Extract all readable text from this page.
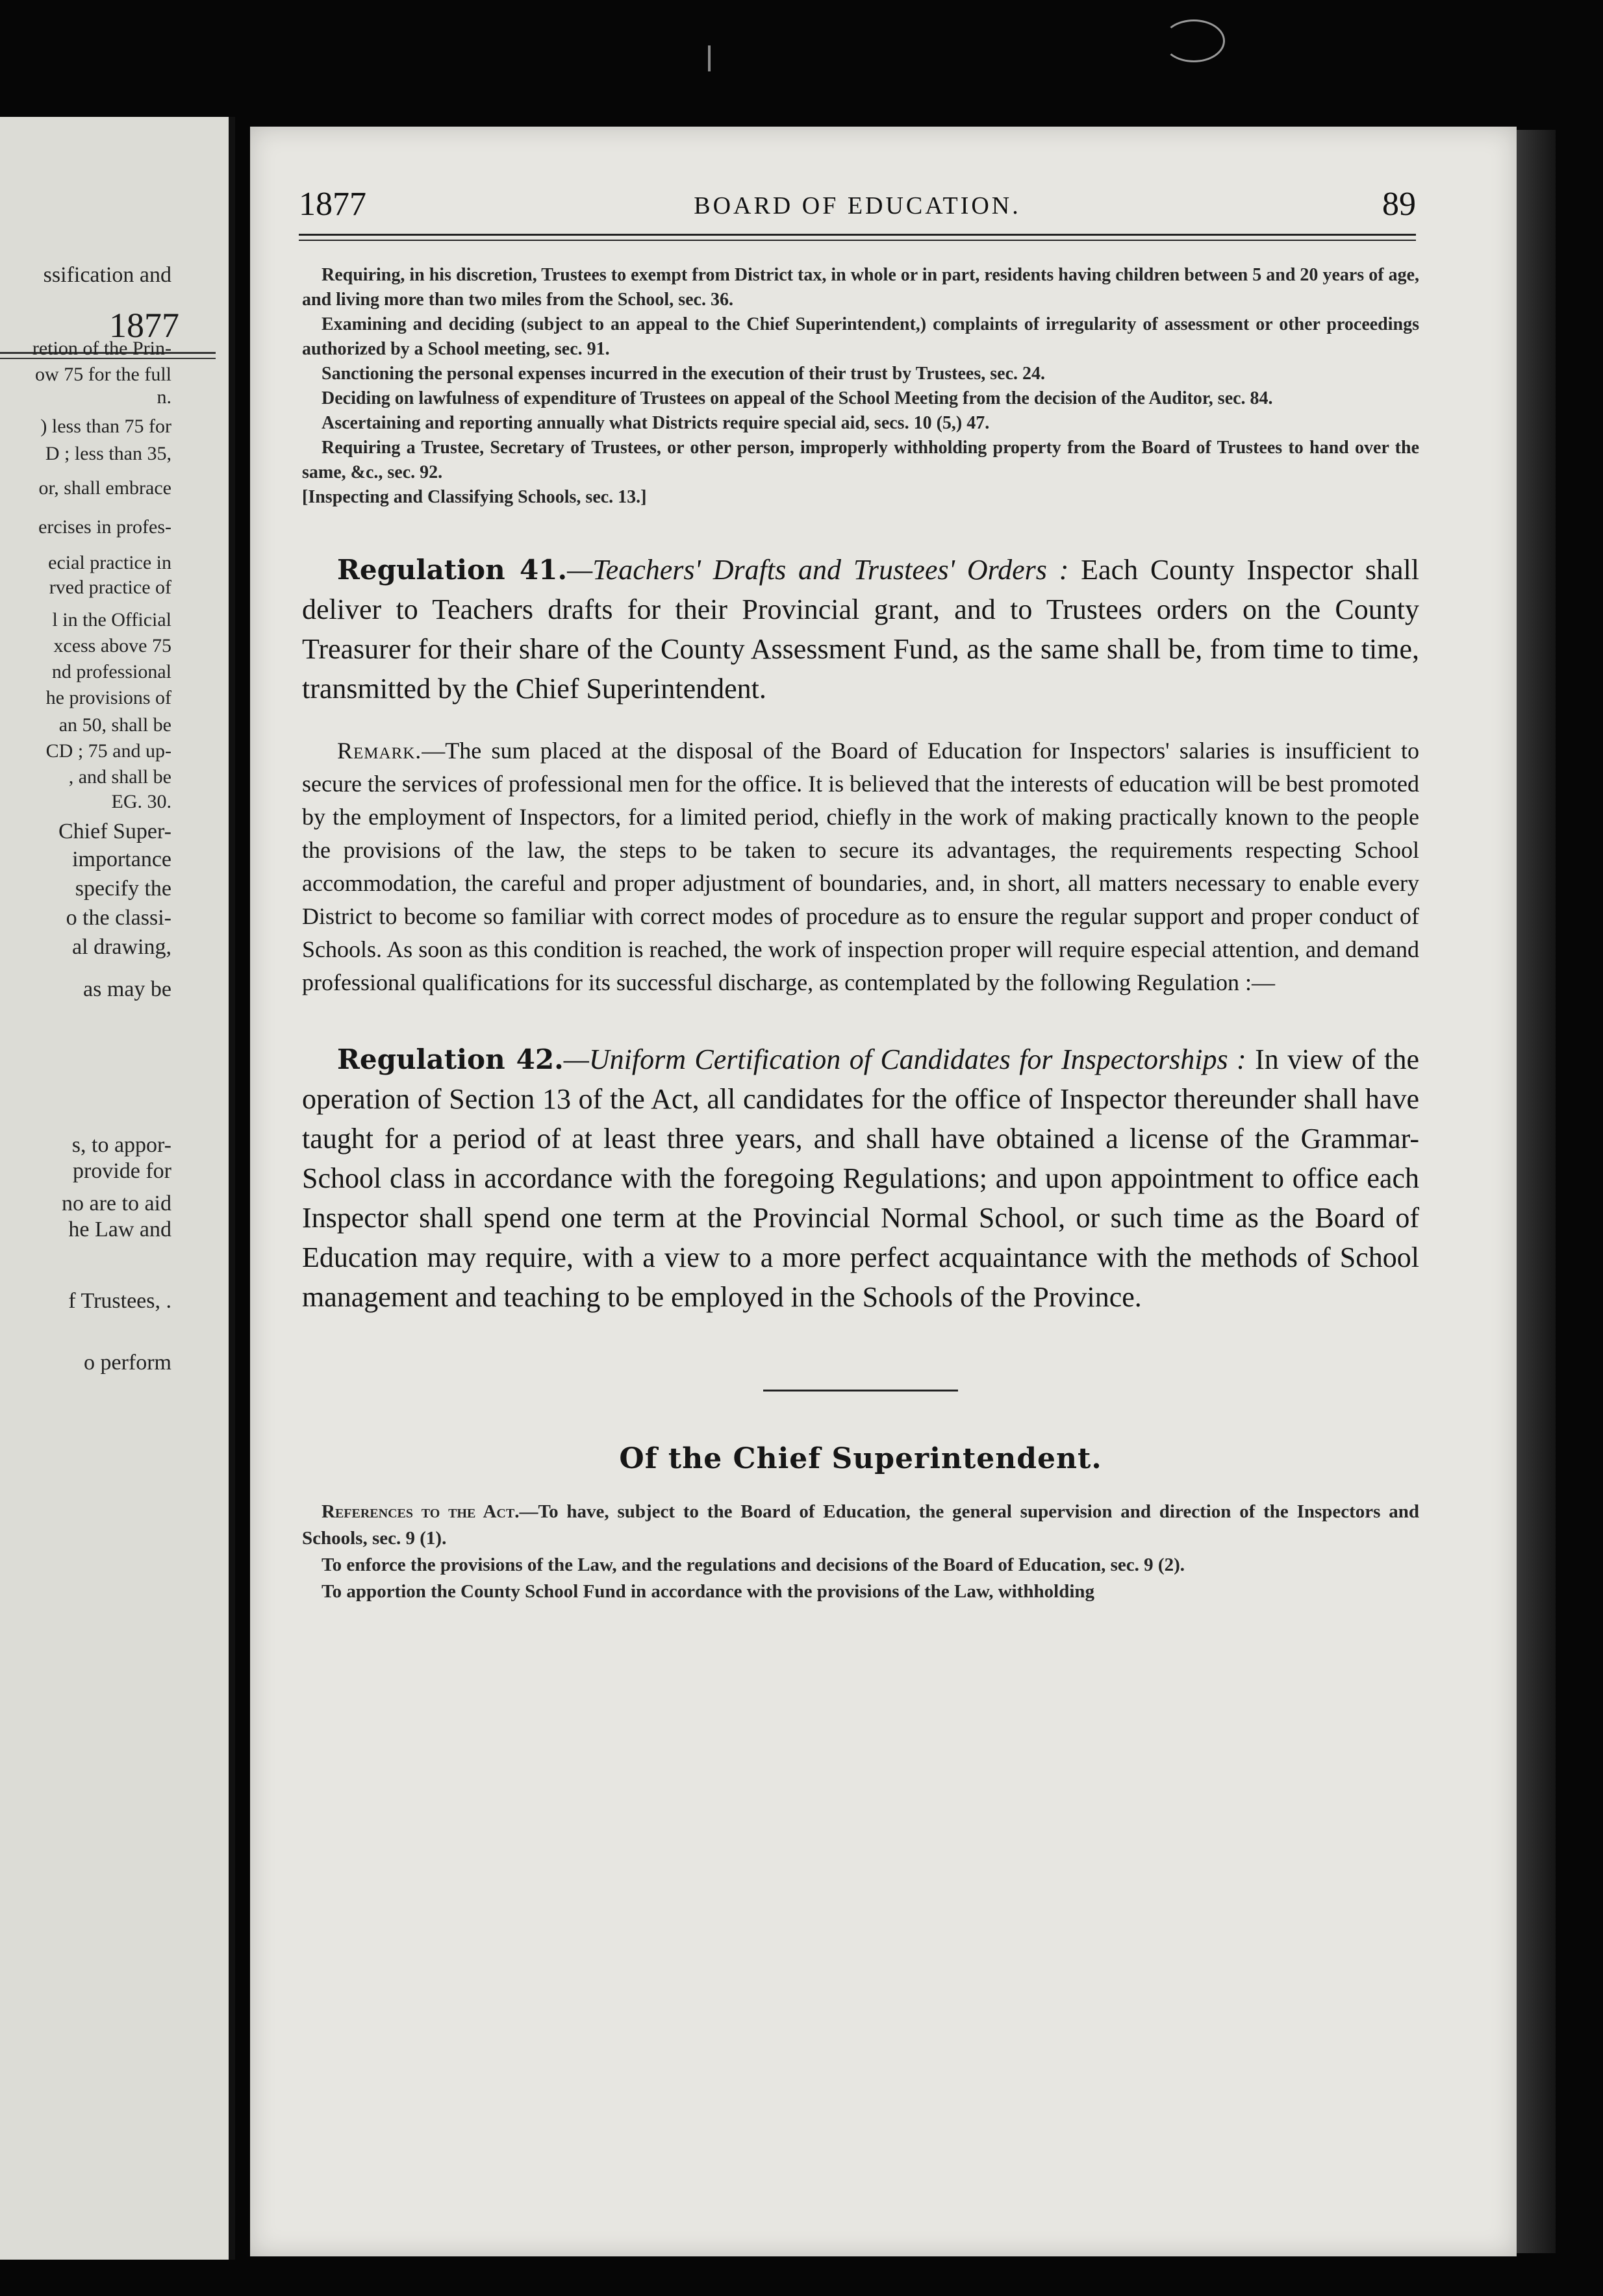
1877
ssification and
retion of the Prin-
ow 75 for the full
n.
) less than 75 for
D ; less than 35,
or, shall embrace
ercises in profes-
ecial practice in
rved practice of
l in the Official
xcess above 75
nd professional
he provisions of
an 50, shall be
CD ; 75 and up-
, and shall be
EG. 30.
Chief Super-
importance
specify the
o the classi-
al drawing,
as may be
s, to appor-
provide for
no are to aid
he Law and
f Trustees, .
o perform
1877	BOARD OF EDUCATION.	89

Requiring, in his discretion, Trustees to exempt from District tax, in whole or in part, residents having children between 5 and 20 years of age, and living more than two miles from the School, sec. 36.

Examining and deciding (subject to an appeal to the Chief Superintendent,) complaints of irregularity of assessment or other proceedings authorized by a School meeting, sec. 91.

Sanctioning the personal expenses incurred in the execution of their trust by Trustees, sec. 24.

Deciding on lawfulness of expenditure of Trustees on appeal of the School Meeting from the decision of the Auditor, sec. 84.

Ascertaining and reporting annually what Districts require special aid, secs. 10 (5,) 47.

Requiring a Trustee, Secretary of Trustees, or other person, improperly withholding property from the Board of Trustees to hand over the same, &c., sec. 92.

[Inspecting and Classifying Schools, sec. 13.]

Regulation 41.—Teachers' Drafts and Trustees' Orders : Each County Inspector shall deliver to Teachers drafts for their Provincial grant, and to Trustees orders on the County Treasurer for their share of the County Assessment Fund, as the same shall be, from time to time, transmitted by the Chief Superintendent.

Remark.—The sum placed at the disposal of the Board of Education for Inspectors' salaries is insufficient to secure the services of professional men for the office. It is believed that the interests of education will be best promoted by the employment of Inspectors, for a limited period, chiefly in the work of making practically known to the people the provisions of the law, the steps to be taken to secure its advantages, the requirements respecting School accommodation, the careful and proper adjustment of boundaries, and, in short, all matters necessary to enable every District to become so familiar with correct modes of procedure as to ensure the regular support and proper conduct of Schools. As soon as this condition is reached, the work of inspection proper will require especial attention, and demand professional qualifications for its successful discharge, as contemplated by the following Regulation :—

Regulation 42.—Uniform Certification of Candidates for Inspectorships : In view of the operation of Section 13 of the Act, all candidates for the office of Inspector thereunder shall have taught for a period of at least three years, and shall have obtained a license of the Grammar-School class in accordance with the foregoing Regulations; and upon appointment to office each Inspector shall spend one term at the Provincial Normal School, or such time as the Board of Education may require, with a view to a more perfect acquaintance with the methods of School management and teaching to be employed in the Schools of the Province.

Of the Chief Superintendent.

References to the Act.—To have, subject to the Board of Education, the general supervision and direction of the Inspectors and Schools, sec. 9 (1).

To enforce the provisions of the Law, and the regulations and decisions of the Board of Education, sec. 9 (2).

To apportion the County School Fund in accordance with the provisions of the Law, withholding
